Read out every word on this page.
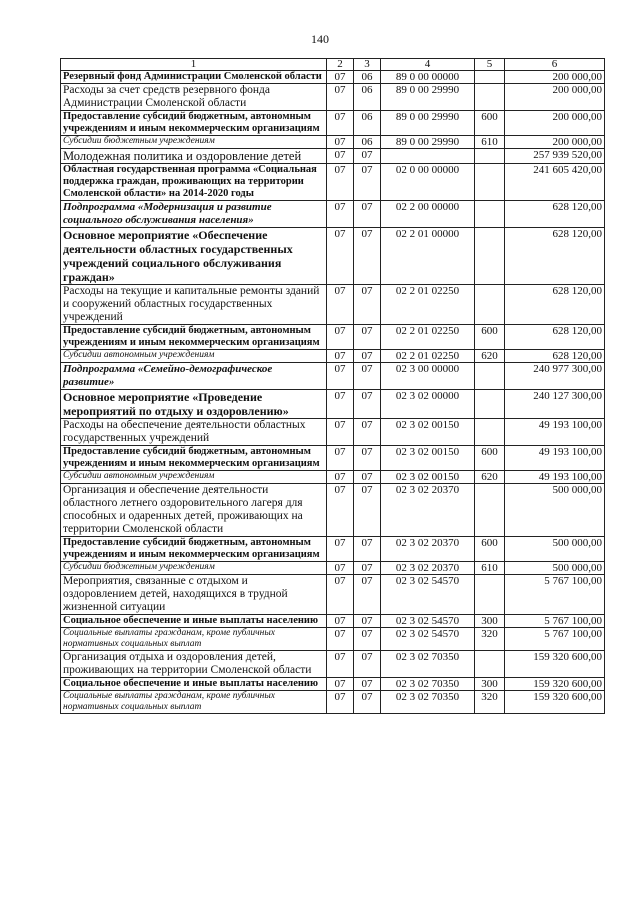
140
1	2	3	4	5	6
Резервный фонд Администрации Смоленской области	07	06	89 0 00 00000		200 000,00
Расходы за счет средств резервного фонда Администрации Смоленской области	07	06	89 0 00 29990		200 000,00
Предоставление субсидий бюджетным, автономным учреждениям и иным некоммерческим организациям	07	06	89 0 00 29990	600	200 000,00
Субсидии бюджетным учреждениям	07	06	89 0 00 29990	610	200 000,00
Молодежная политика и оздоровление детей	07	07			257 939 520,00
Областная государственная программа «Социальная поддержка граждан, проживающих на территории Смоленской области» на 2014-2020 годы	07	07	02 0 00 00000		241 605 420,00
Подпрограмма «Модернизация и развитие социального обслуживания населения»	07	07	02 2 00 00000		628 120,00
Основное мероприятие «Обеспечение деятельности областных государственных учреждений социального обслуживания граждан»	07	07	02 2 01 00000		628 120,00
Расходы на текущие и капитальные ремонты зданий и сооружений областных государственных учреждений	07	07	02 2 01 02250		628 120,00
Предоставление субсидий бюджетным, автономным учреждениям и иным некоммерческим организациям	07	07	02 2 01 02250	600	628 120,00
Субсидии автономным учреждениям	07	07	02 2 01 02250	620	628 120,00
Подпрограмма «Семейно-демографическое развитие»	07	07	02 3 00 00000		240 977 300,00
Основное мероприятие «Проведение мероприятий по отдыху и оздоровлению»	07	07	02 3 02 00000		240 127 300,00
Расходы на обеспечение деятельности областных государственных учреждений	07	07	02 3 02 00150		49 193 100,00
Предоставление субсидий бюджетным, автономным учреждениям и иным некоммерческим организациям	07	07	02 3 02 00150	600	49 193 100,00
Субсидии автономным учреждениям	07	07	02 3 02 00150	620	49 193 100,00
Организация и обеспечение деятельности областного летнего оздоровительного лагеря для способных и одаренных детей, проживающих на территории Смоленской области	07	07	02 3 02 20370		500 000,00
Предоставление субсидий бюджетным, автономным учреждениям и иным некоммерческим организациям	07	07	02 3 02 20370	600	500 000,00
Субсидии бюджетным учреждениям	07	07	02 3 02 20370	610	500 000,00
Мероприятия, связанные с отдыхом и оздоровлением детей, находящихся в трудной жизненной ситуации	07	07	02 3 02 54570		5 767 100,00
Социальное обеспечение и иные выплаты населению	07	07	02 3 02 54570	300	5 767 100,00
Социальные выплаты гражданам, кроме публичных нормативных социальных выплат	07	07	02 3 02 54570	320	5 767 100,00
Организация отдыха и оздоровления детей, проживающих на территории Смоленской области	07	07	02 3 02 70350		159 320 600,00
Социальное обеспечение и иные выплаты населению	07	07	02 3 02 70350	300	159 320 600,00
Социальные выплаты гражданам, кроме публичных нормативных социальных выплат	07	07	02 3 02 70350	320	159 320 600,00
